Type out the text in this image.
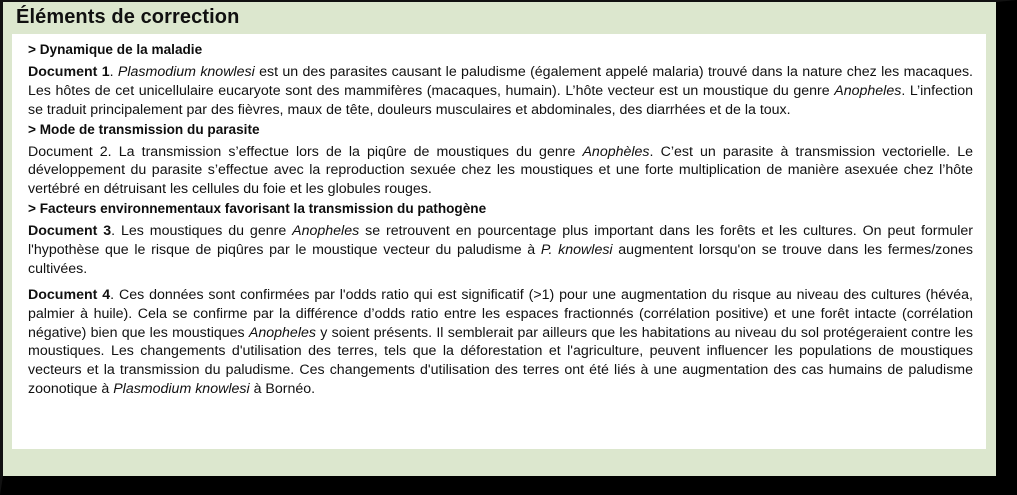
Éléments de correction
> Dynamique de la maladie

Document 1. Plasmodium knowlesi est un des parasites causant le paludisme (également appelé malaria) trouvé dans la nature chez les macaques. Les hôtes de cet unicellulaire eucaryote sont des mammifères (macaques, humain). L’hôte vecteur est un moustique du genre Anopheles. L’infection se traduit principalement par des fièvres, maux de tête, douleurs musculaires et abdominales, des diarrhées et de la toux.

> Mode de transmission du parasite

Document 2. La transmission s’effectue lors de la piqûre de moustiques du genre Anophèles. C’est un parasite à transmission vectorielle. Le développement du parasite s’effectue avec la reproduction sexuée chez les moustiques et une forte multiplication de manière asexuée chez l’hôte vertébré en détruisant les cellules du foie et les globules rouges.

> Facteurs environnementaux favorisant la transmission du pathogène

Document 3. Les moustiques du genre Anopheles se retrouvent en pourcentage plus important dans les forêts et les cultures. On peut formuler l'hypothèse que le risque de piqûres par le moustique vecteur du paludisme à P. knowlesi augmentent lorsqu'on se trouve dans les fermes/zones cultivées.

Document 4. Ces données sont confirmées par l'odds ratio qui est significatif (>1) pour une augmentation du risque au niveau des cultures (hévéa, palmier à huile). Cela se confirme par la différence d’odds ratio entre les espaces fractionnés (corrélation positive) et une forêt intacte (corrélation négative) bien que les moustiques Anopheles y soient présents. Il semblerait par ailleurs que les habitations au niveau du sol protégeraient contre les moustiques. Les changements d'utilisation des terres, tels que la déforestation et l'agriculture, peuvent influencer les populations de moustiques vecteurs et la transmission du paludisme. Ces changements d'utilisation des terres ont été liés à une augmentation des cas humains de paludisme zoonotique à Plasmodium knowlesi à Bornéo.
